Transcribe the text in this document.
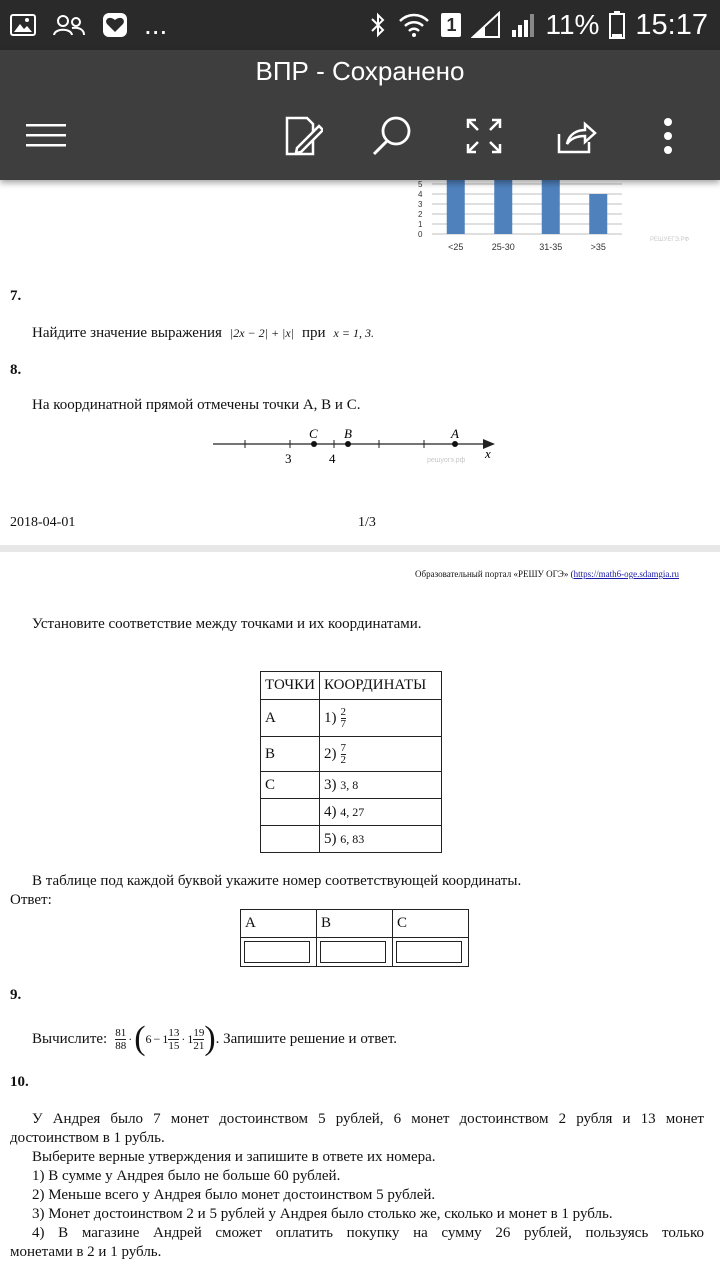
0
1
2
3
4
5
<25	25-30	31-35	>35
РЕШУЕГЭ.РФ
7.
Найдите значение выражения |2x − 2| + |x| при x = 1, 3.
8.
На координатной прямой отмечены точки A, B и C.
C B	A
x
3	4	решуогэ.рф
2018-04-01	1/3
Образовательный портал «РЕШУ ОГЭ» (https://math6-oge.sdamgia.ru
Установите соответствие между точками и их координатами.
ТОЧКИ	КООРДИНАТЫ
А	$1) \frac{2}{7}$

В	$2) \frac{7}{2}$

С	3) 3, 8
	4) 4, 27
	5) 6, 83
В таблице под каждой буквой укажите номер соответствующей координаты.
Ответ:
А	В	С

9.
Вычислите: 81
88 · ( 6 − 1 13
15 · 1 19
21 ) . Запишите решение и ответ.
10.
У Андрея было 7 монет достоинством 5 рублей, 6 монет достоинством 2 рубля и 13 монет
достоинством в 1 рубль.
Выберите верные утверждения и запишите в ответе их номера.
1) В сумме у Андрея было не больше 60 рублей.
2) Меньше всего у Андрея было монет достоинством 5 рублей.
3) Монет достоинством 2 и 5 рублей у Андрея было столько же, сколько и монет в 1 рубль.
4) В магазине Андрей сможет оплатить покупку на сумму 26 рублей, пользуясь только
монетами в 2 и 1 рубль.
...	1	11% 15:17
ВПР - Сохранено
